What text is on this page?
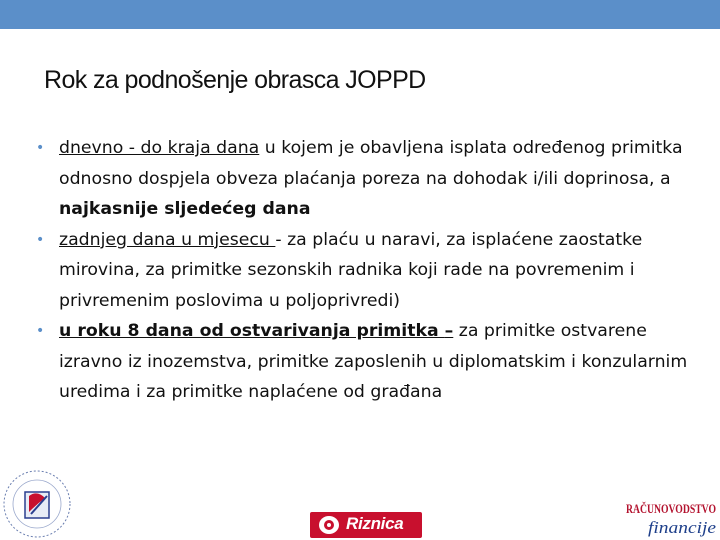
Rok za podnošenje obrasca JOPPD
• dnevno - do kraja dana u kojem je obavljena isplata određenog primitka odnosno dospjela obveza plaćanja poreza na dohodak i/ili doprinosa, a najkasnije sljedećeg dana
• zadnjeg dana u mjesecu - za plaću u naravi, za isplaćene zaostatke mirovina, za primitke sezonskih radnika koji rade na povremenim i privremenim poslovima u poljoprivredi)
• u roku 8 dana od ostvarivanja primitka – za primitke ostvarene izravno iz inozemstva, primitke zaposlenih u diplomatskim i konzularnim uredima i za primitke naplaćene od građana
Riznica
RAČUNOVODSTVO
financije
